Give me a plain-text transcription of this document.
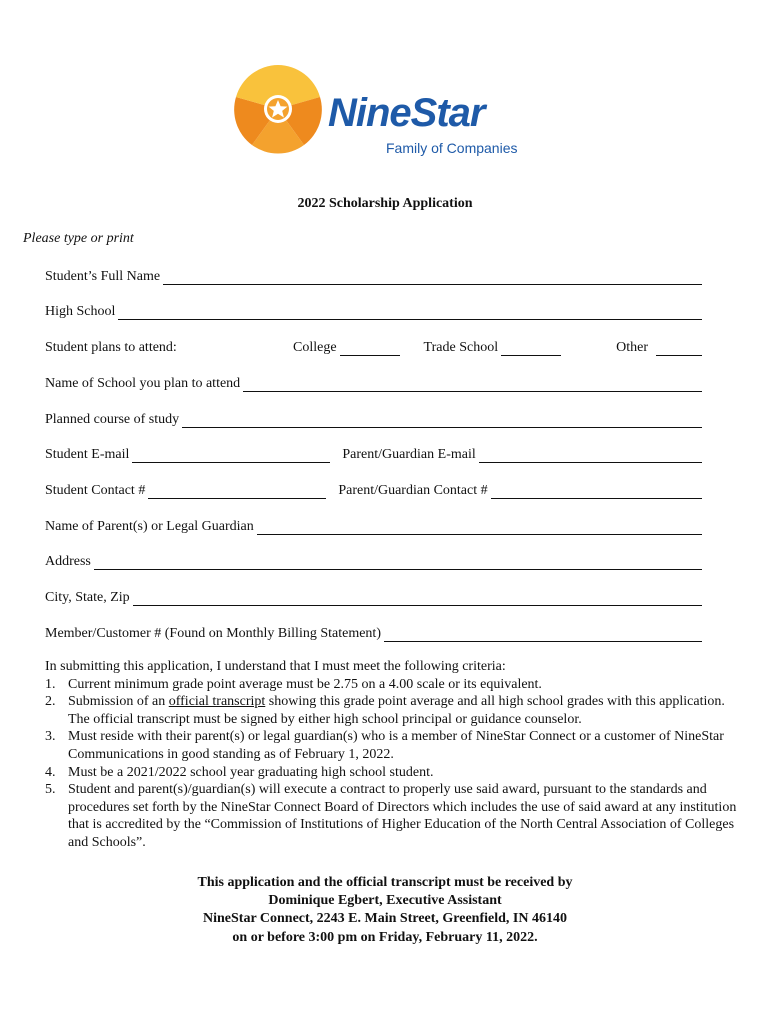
NineStar
Family of Companies
2022 Scholarship Application
Please type or print
Student’s Full Name
High School
Student plans to attend:	College	Trade School	Other
Name of School you plan to attend
Planned course of study
Student E-mail	Parent/Guardian E-mail
Student Contact #	Parent/Guardian Contact #
Name of Parent(s) or Legal Guardian
Address
City, State, Zip
Member/Customer # (Found on Monthly Billing Statement)

In submitting this application, I understand that I must meet the following criteria:

1. Current minimum grade point average must be 2.75 on a 4.00 scale or its equivalent.
2. Submission of an official transcript showing this grade point average and all high school grades with this application. The official transcript must be signed by either high school principal or guidance counselor.
3. Must reside with their parent(s) or legal guardian(s) who is a member of NineStar Connect or a customer of NineStar Communications in good standing as of February 1, 2022.
4. Must be a 2021/2022 school year graduating high school student.
5. Student and parent(s)/guardian(s) will execute a contract to properly use said award, pursuant to the standards and procedures set forth by the NineStar Connect Board of Directors which includes the use of said award at any institution that is accredited by the “Commission of Institutions of Higher Education of the North Central Association of Colleges and Schools”.
This application and the official transcript must be received by
Dominique Egbert, Executive Assistant
NineStar Connect, 2243 E. Main Street, Greenfield, IN 46140
on or before 3:00 pm on Friday, February 11, 2022.
